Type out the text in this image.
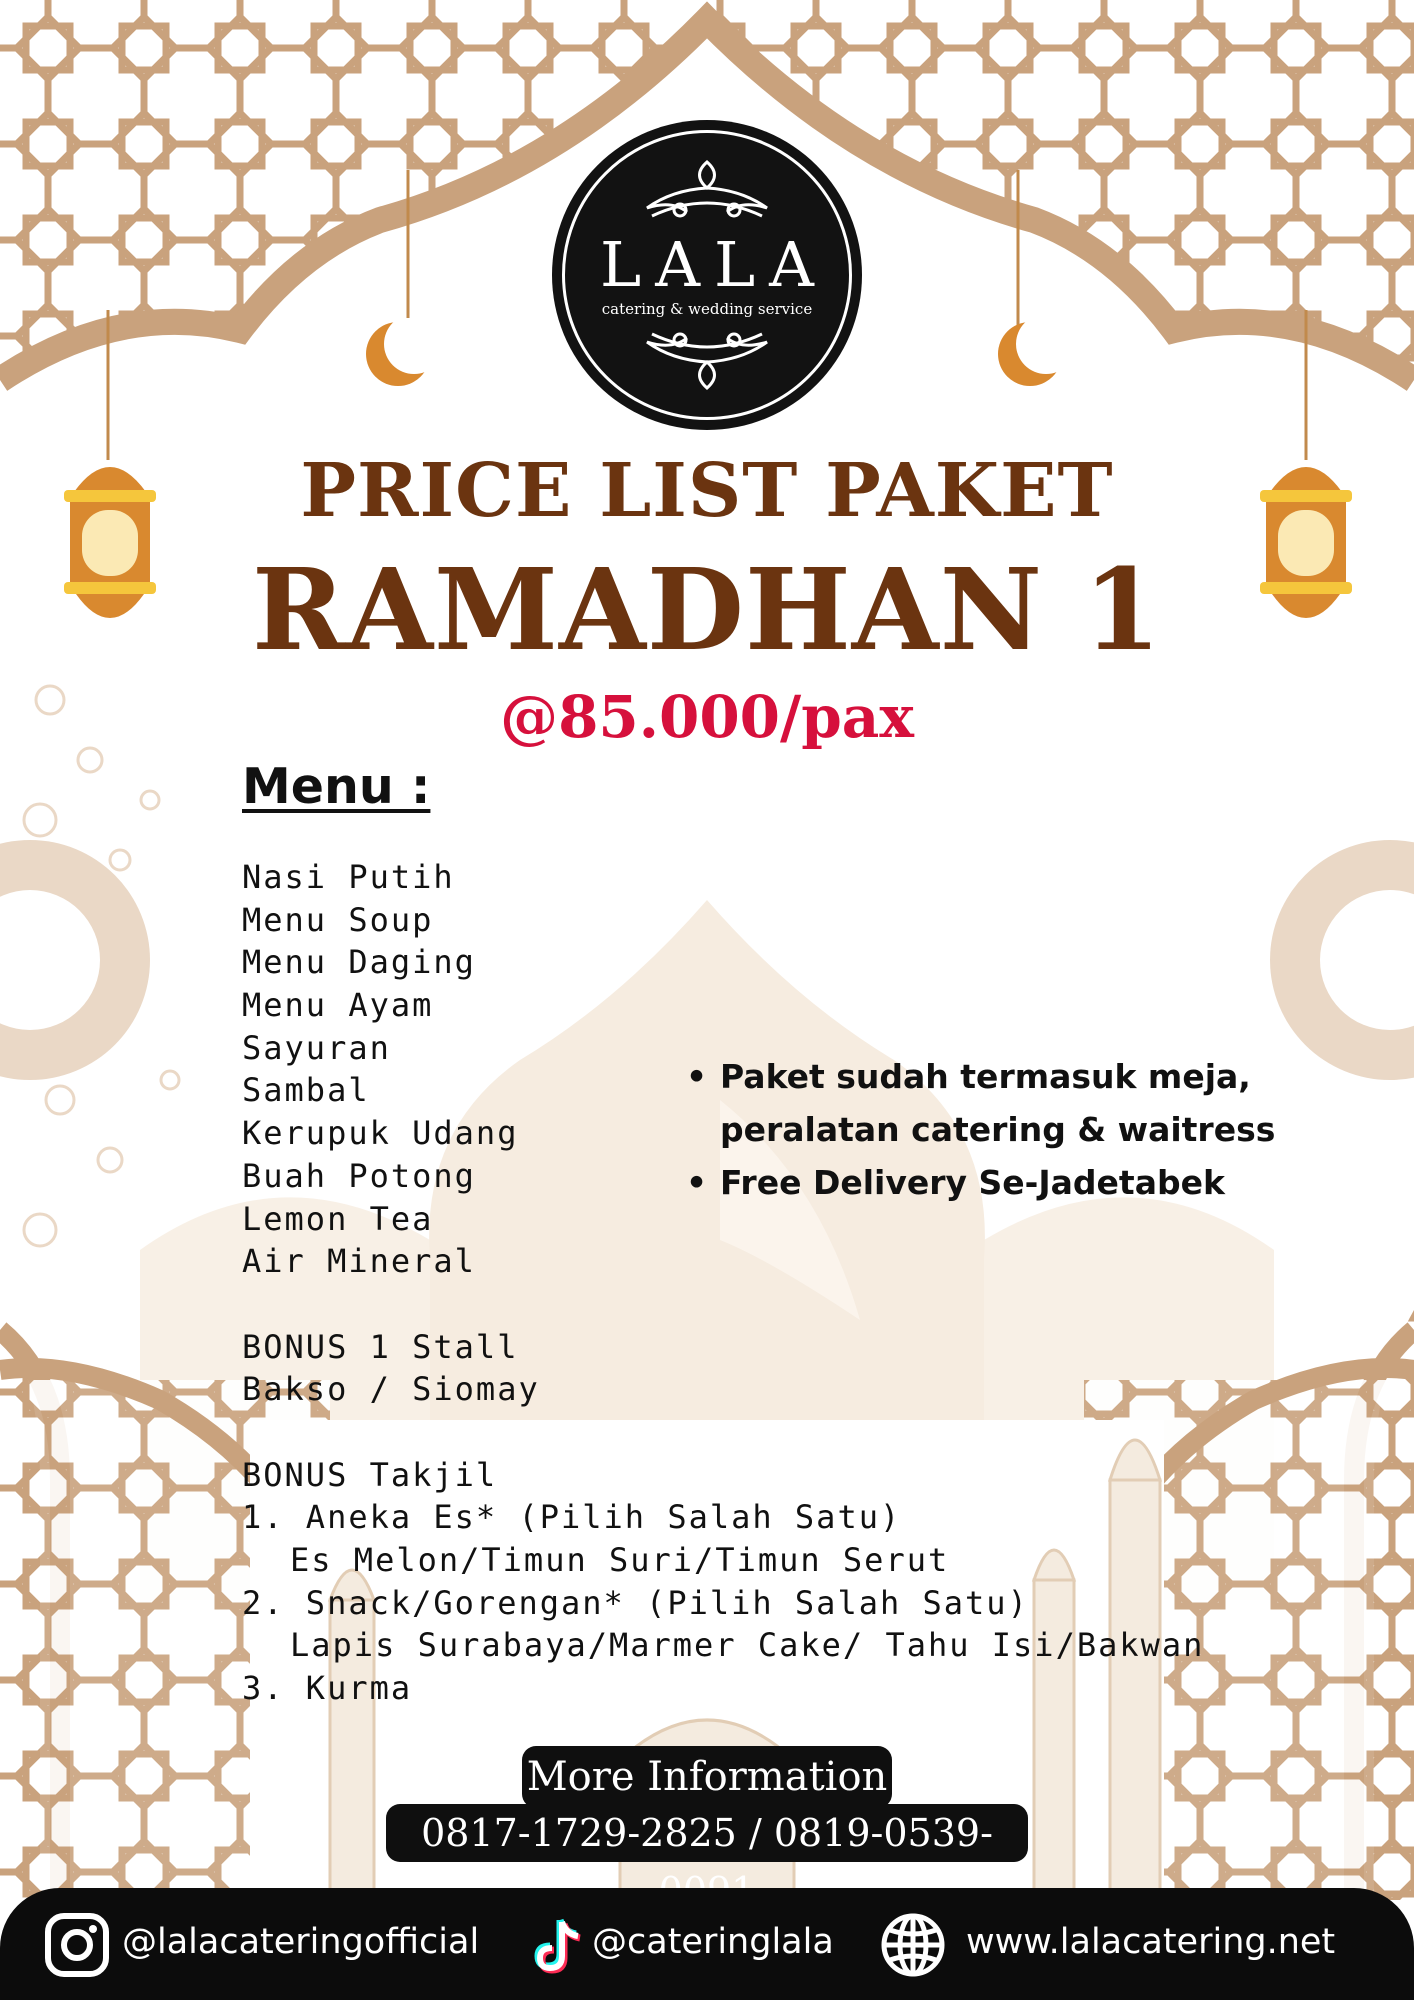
LALA
catering & wedding service
PRICE LIST PAKET
RAMADHAN 1
@85.000/pax
Menu :
Nasi Putih
Menu Soup
Menu Daging
Menu Ayam
Sayuran
Sambal
Kerupuk Udang
Buah Potong
Lemon Tea
Air Mineral
BONUS 1 Stall
Bakso / Siomay
BONUS Takjil
1. Aneka Es* (Pilih Salah Satu)
Es Melon/Timun Suri/Timun Serut
2. Snack/Gorengan* (Pilih Salah Satu)
Lapis Surabaya/Marmer Cake/ Tahu Isi/Bakwan
3. Kurma
• Paket sudah termasuk meja,
peralatan catering & waitress
• Free Delivery Se-Jadetabek
More Information
0817-1729-2825 / 0819-0539-
@lalacateringofficial	@cateringlala	www.lalacatering.net
